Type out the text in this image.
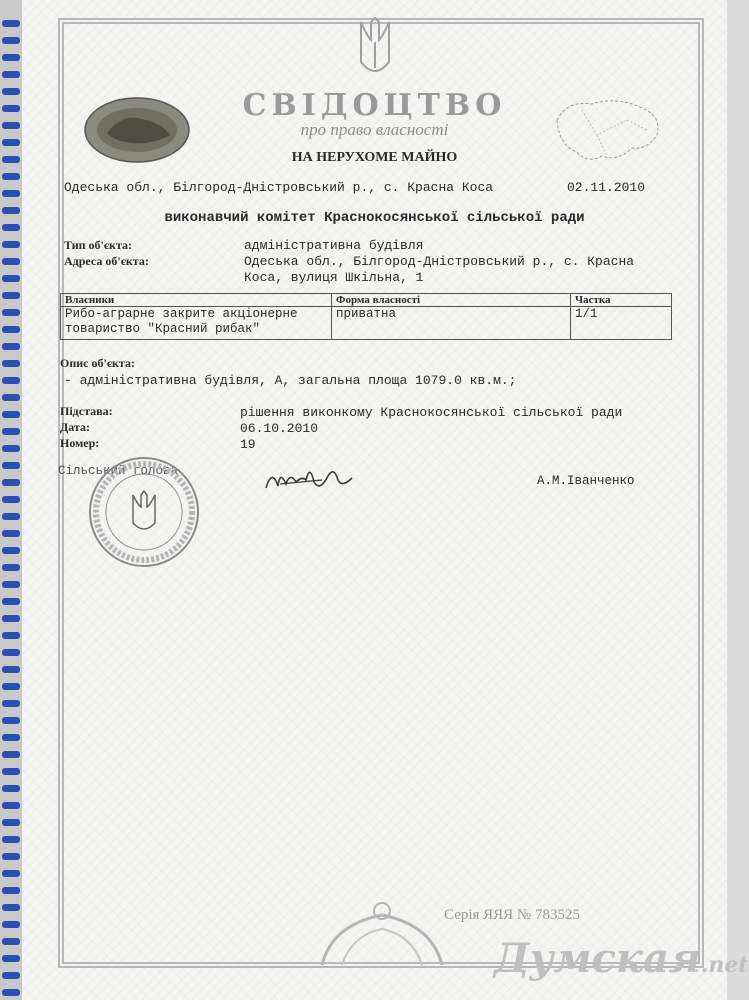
СВІДОЦТВО
про право власності
НА НЕРУХОМЕ МАЙНО
Одеська обл., Білгород-Дністровський р., с. Красна Коса	02.11.2010
виконавчий комітет Краснокосянської сільської ради
Тип об'єкта:	адміністративна будівля
Адреса об'єкта:	Одеська обл., Білгород-Дністровський р., с. Красна
Коса, вулиця Шкільна, 1
Власники	Форма власності	Частка

Рибо-аграрне закрите акціонерне
товариство "Красний рибак"	приватна	1/1
Опис об'єкта:
- адміністративна будівля, А, загальна площа 1079.0 кв.м.;
Підстава:	рішення виконкому Краснокосянської сільської ради
Дата:	06.10.2010
Номер:	19
Сільський голова
А.М.Іванченко
Серія ЯЯЯ № 783525
Думская.net
